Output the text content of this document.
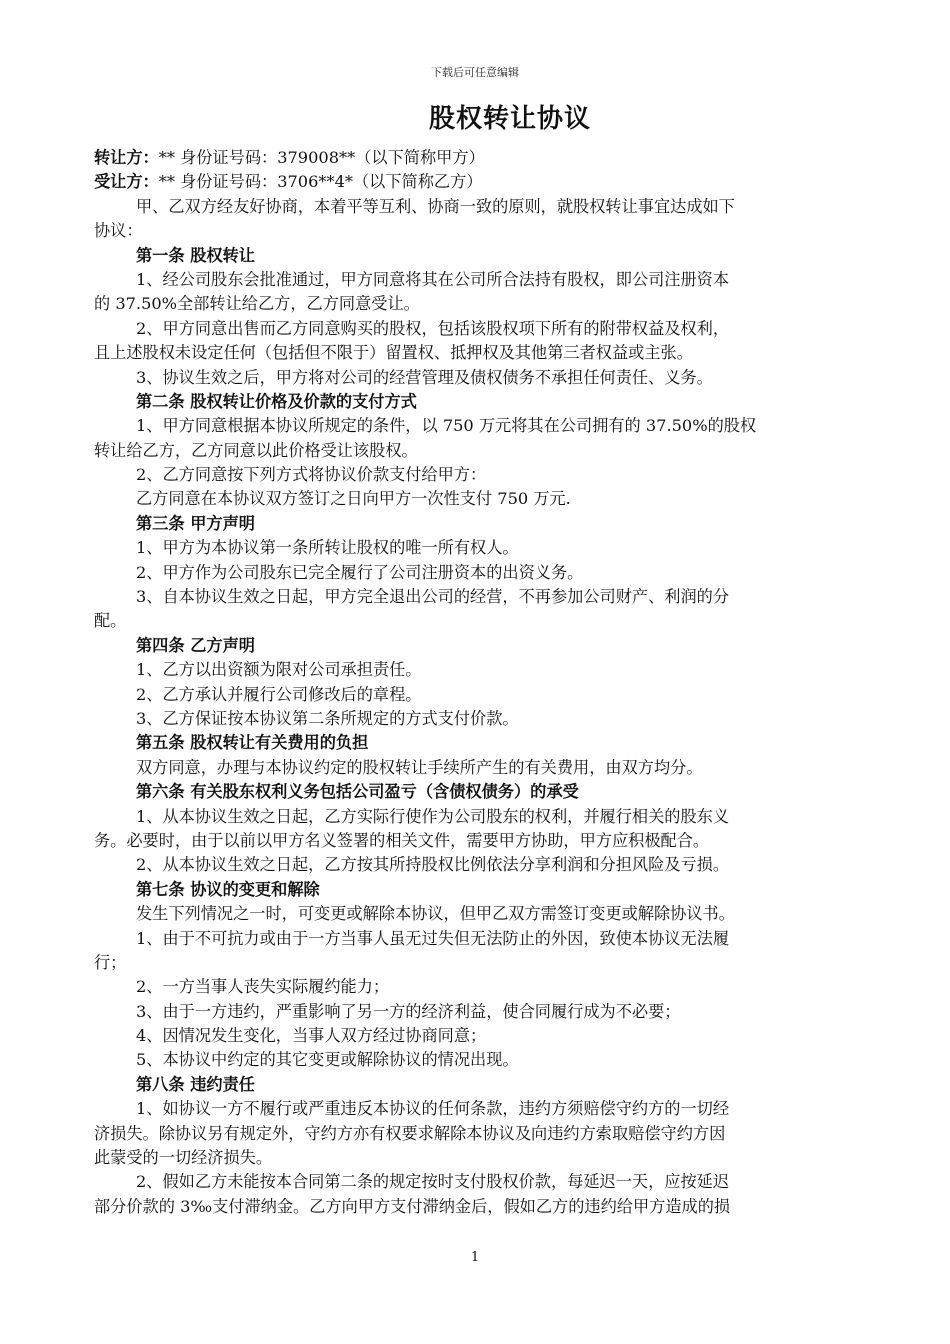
下载后可任意编辑
股权转让协议
转让方：** 身份证号码：379008**（以下简称甲方）
受让方：** 身份证号码：3706**4*（以下简称乙方）
甲、乙双方经友好协商，本着平等互利、协商一致的原则，就股权转让事宜达成如下
协议：
第一条 股权转让
1、经公司股东会批准通过，甲方同意将其在公司所合法持有股权，即公司注册资本
的 37.50%全部转让给乙方，乙方同意受让。
2、甲方同意出售而乙方同意购买的股权，包括该股权项下所有的附带权益及权利，
且上述股权未设定任何（包括但不限于）留置权、抵押权及其他第三者权益或主张。
3、协议生效之后，甲方将对公司的经营管理及债权债务不承担任何责任、义务。
第二条 股权转让价格及价款的支付方式
1、甲方同意根据本协议所规定的条件，以 750 万元将其在公司拥有的 37.50%的股权
转让给乙方，乙方同意以此价格受让该股权。
2、乙方同意按下列方式将协议价款支付给甲方：
乙方同意在本协议双方签订之日向甲方一次性支付 750 万元.
第三条 甲方声明
1、甲方为本协议第一条所转让股权的唯一所有权人。
2、甲方作为公司股东已完全履行了公司注册资本的出资义务。
3、自本协议生效之日起，甲方完全退出公司的经营，不再参加公司财产、利润的分
配。
第四条 乙方声明
1、乙方以出资额为限对公司承担责任。
2、乙方承认并履行公司修改后的章程。
3、乙方保证按本协议第二条所规定的方式支付价款。
第五条 股权转让有关费用的负担
双方同意，办理与本协议约定的股权转让手续所产生的有关费用，由双方均分。
第六条 有关股东权利义务包括公司盈亏（含债权债务）的承受
1、从本协议生效之日起，乙方实际行使作为公司股东的权利，并履行相关的股东义
务。必要时，由于以前以甲方名义签署的相关文件，需要甲方协助，甲方应积极配合。
2、从本协议生效之日起，乙方按其所持股权比例依法分享利润和分担风险及亏损。
第七条 协议的变更和解除
发生下列情况之一时，可变更或解除本协议，但甲乙双方需签订变更或解除协议书。
1、由于不可抗力或由于一方当事人虽无过失但无法防止的外因，致使本协议无法履
行；
2、一方当事人丧失实际履约能力；
3、由于一方违约，严重影响了另一方的经济利益，使合同履行成为不必要；
4、因情况发生变化，当事人双方经过协商同意；
5、本协议中约定的其它变更或解除协议的情况出现。
第八条 违约责任
1、如协议一方不履行或严重违反本协议的任何条款，违约方须赔偿守约方的一切经
济损失。除协议另有规定外，守约方亦有权要求解除本协议及向违约方索取赔偿守约方因
此蒙受的一切经济损失。
2、假如乙方未能按本合同第二条的规定按时支付股权价款，每延迟一天，应按延迟
部分价款的 3‰支付滞纳金。乙方向甲方支付滞纳金后，假如乙方的违约给甲方造成的损
1
